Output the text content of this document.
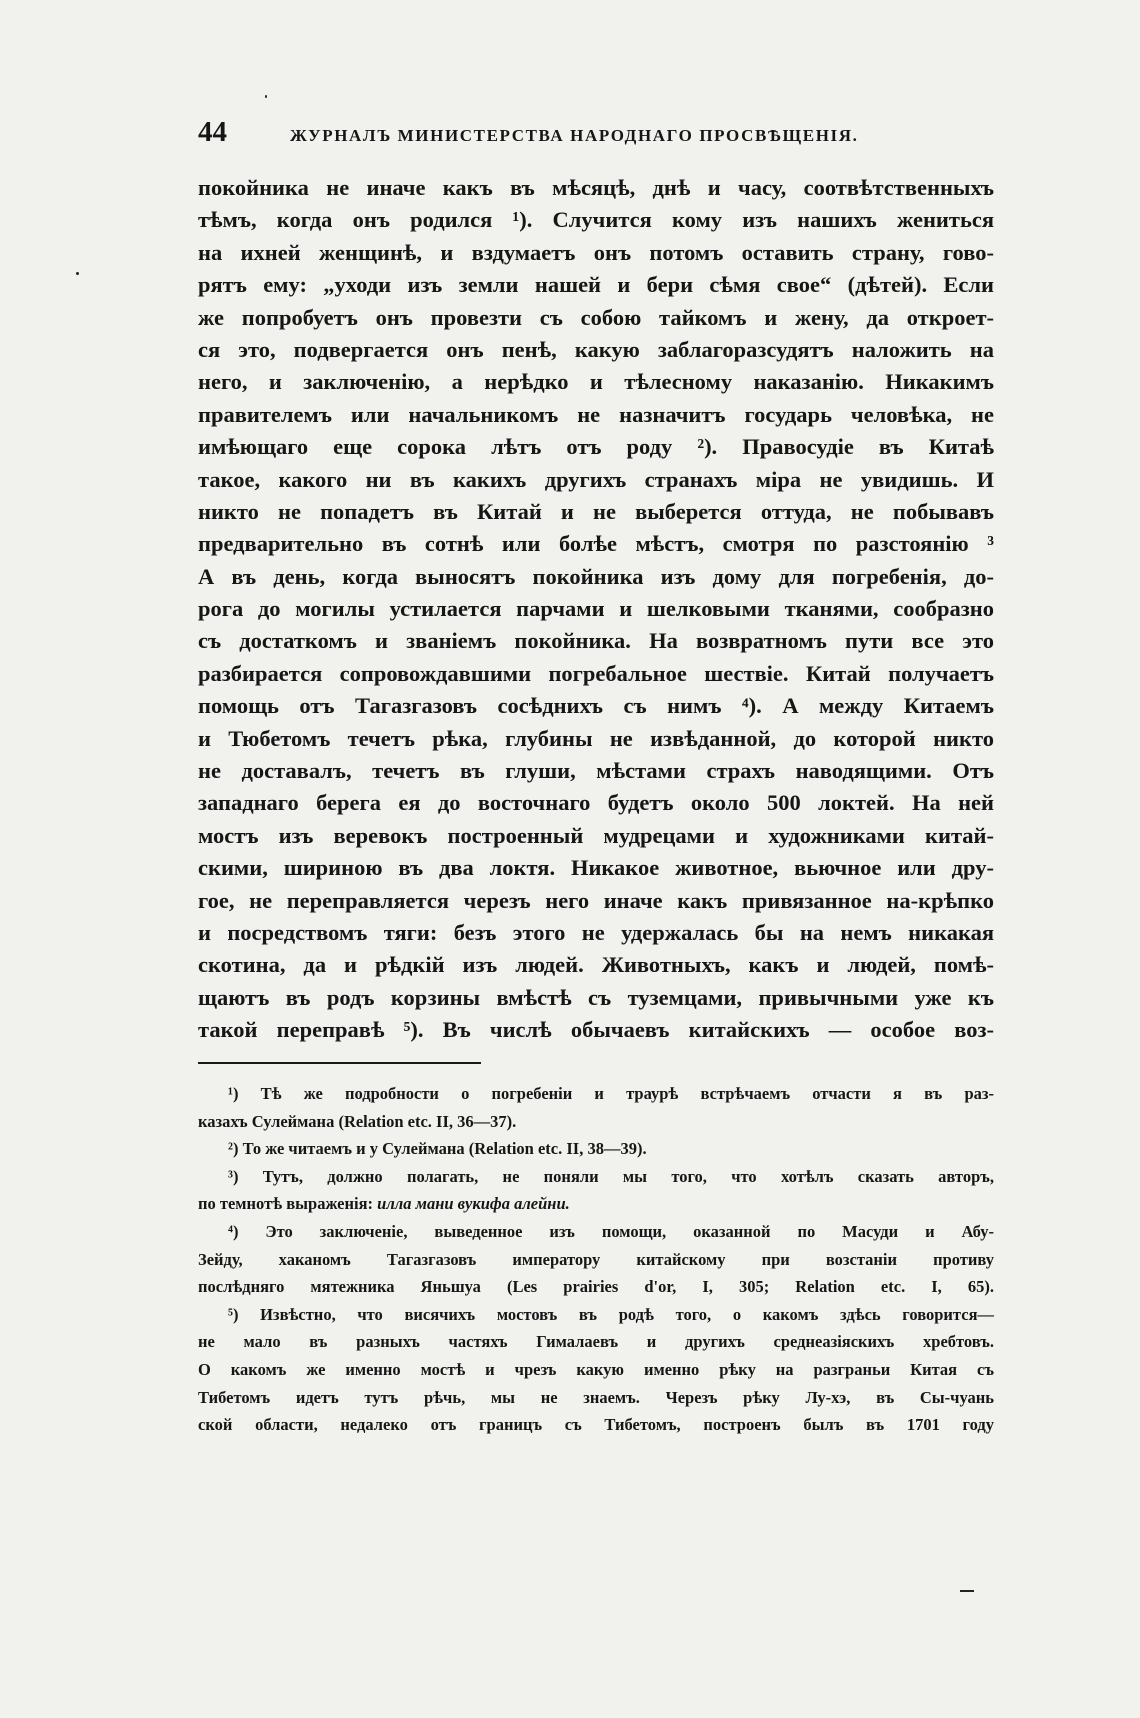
44	ЖУРНАЛЪ МИНИСТЕРСТВА НАРОДНАГО ПРОСВѢЩЕНІЯ.
покойника не иначе какъ въ мѣсяцѣ, днѣ и часу, соотвѣтственныхъ
тѣмъ, когда онъ родился ¹). Случится кому изъ нашихъ жениться
на ихней женщинѣ, и вздумаетъ онъ потомъ оставить страну, гово-
рятъ ему: „уходи изъ земли нашей и бери сѣмя свое“ (дѣтей). Если
же попробуетъ онъ провезти съ собою тайкомъ и жену, да откроет-
ся это, подвергается онъ пенѣ, какую заблагоразсудятъ наложить на
него, и заключенію, а нерѣдко и тѣлесному наказанію. Никакимъ
правителемъ или начальникомъ не назначитъ государь человѣка, не
имѣющаго еще сорока лѣтъ отъ роду ²). Правосудіе въ Китаѣ
такое, какого ни въ какихъ другихъ странахъ міра не увидишь. И
никто не попадетъ въ Китай и не выберется оттуда, не побывавъ
предварительно въ сотнѣ или болѣе мѣстъ, смотря по разстоянію ³
А въ день, когда выносятъ покойника изъ дому для погребенія, до-
рога до могилы устилается парчами и шелковыми тканями, сообразно
съ достаткомъ и званіемъ покойника. На возвратномъ пути все это
разбирается сопровождавшими погребальное шествіе. Китай получаетъ
помощь отъ Тагазгазовъ сосѣднихъ съ нимъ ⁴). А между Китаемъ
и Тюбетомъ течетъ рѣка, глубины не извѣданной, до которой никто
не доставалъ, течетъ въ глуши, мѣстами страхъ наводящими. Отъ
западнаго берега ея до восточнаго будетъ около 500 локтей. На ней
мостъ изъ веревокъ построенный мудрецами и художниками китай-
скими, шириною въ два локтя. Никакое животное, вьючное или дру-
гое, не переправляется черезъ него иначе какъ привязанное на-крѣпко
и посредствомъ тяги: безъ этого не удержалась бы на немъ никакая
скотина, да и рѣдкій изъ людей. Животныхъ, какъ и людей, помѣ-
щаютъ въ родъ корзины вмѣстѣ съ туземцами, привычными уже къ
такой переправѣ ⁵). Въ числѣ обычаевъ китайскихъ — особое воз-
¹) Тѣ же подробности о погребеніи и траурѣ встрѣчаемъ отчасти я въ раз-
казахъ Сулеймана (Relation etc. II, 36—37).
²) То же читаемъ и у Сулеймана (Relation etc. II, 38—39).
³) Тутъ, должно полагать, не поняли мы того, что хотѣлъ сказать авторъ,
по темнотѣ выраженія: илла мани вукифа алейни.
⁴) Это заключеніе, выведенное изъ помощи, оказанной по Масуди и Абу-
Зейду, хаканомъ Тагазгазовъ императору китайскому при возстаніи противу
послѣдняго мятежника Яньшуа (Les prairies d'or, I, 305; Relation etc. I, 65).
⁵) Извѣстно, что висячихъ мостовъ въ родѣ того, о какомъ здѣсь говорится—
не мало въ разныхъ частяхъ Гималаевъ и другихъ среднеазіяскихъ хребтовъ.
О какомъ же именно мостѣ и чрезъ какую именно рѣку на разграньи Китая съ
Тибетомъ идетъ тутъ рѣчь, мы не знаемъ. Черезъ рѣку Лу-хэ, въ Сы-чуань
ской области, недалеко отъ границъ съ Тибетомъ, построенъ былъ въ 1701 году
